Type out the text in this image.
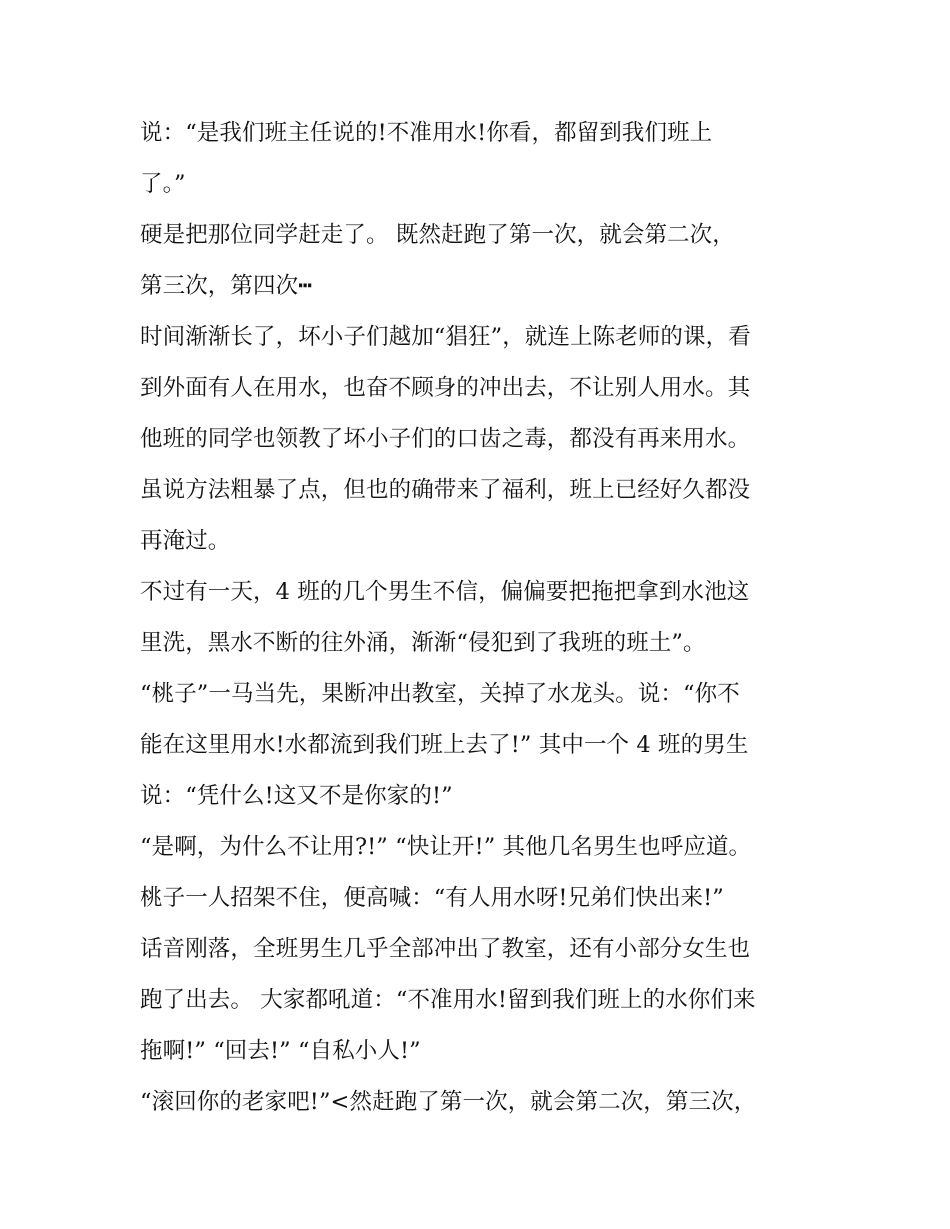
说：“是我们班主任说的!不准用水!你看，都留到我们班上
了。”
硬是把那位同学赶走了。 既然赶跑了第一次，就会第二次，
第三次，第四次┅
时间渐渐长了，坏小子们越加“猖狂”，就连上陈老师的课，看
到外面有人在用水，也奋不顾身的冲出去，不让别人用水。其
他班的同学也领教了坏小子们的口齿之毒，都没有再来用水。
虽说方法粗暴了点，但也的确带来了福利，班上已经好久都没
再淹过。
不过有一天，4 班的几个男生不信，偏偏要把拖把拿到水池这
里洗，黑水不断的往外涌，渐渐“侵犯到了我班的班土”。
“桃子”一马当先，果断冲出教室，关掉了水龙头。说：“你不
能在这里用水!水都流到我们班上去了!” 其中一个 4 班的男生
说：“凭什么!这又不是你家的!”
“是啊，为什么不让用?!” “快让开!” 其他几名男生也呼应道。
桃子一人招架不住，便高喊：“有人用水呀!兄弟们快出来!”
话音刚落，全班男生几乎全部冲出了教室，还有小部分女生也
跑了出去。 大家都吼道：“不准用水!留到我们班上的水你们来
拖啊!” “回去!” “自私小人!”
“滚回你的老家吧!”<然赶跑了第一次，就会第二次，第三次，
